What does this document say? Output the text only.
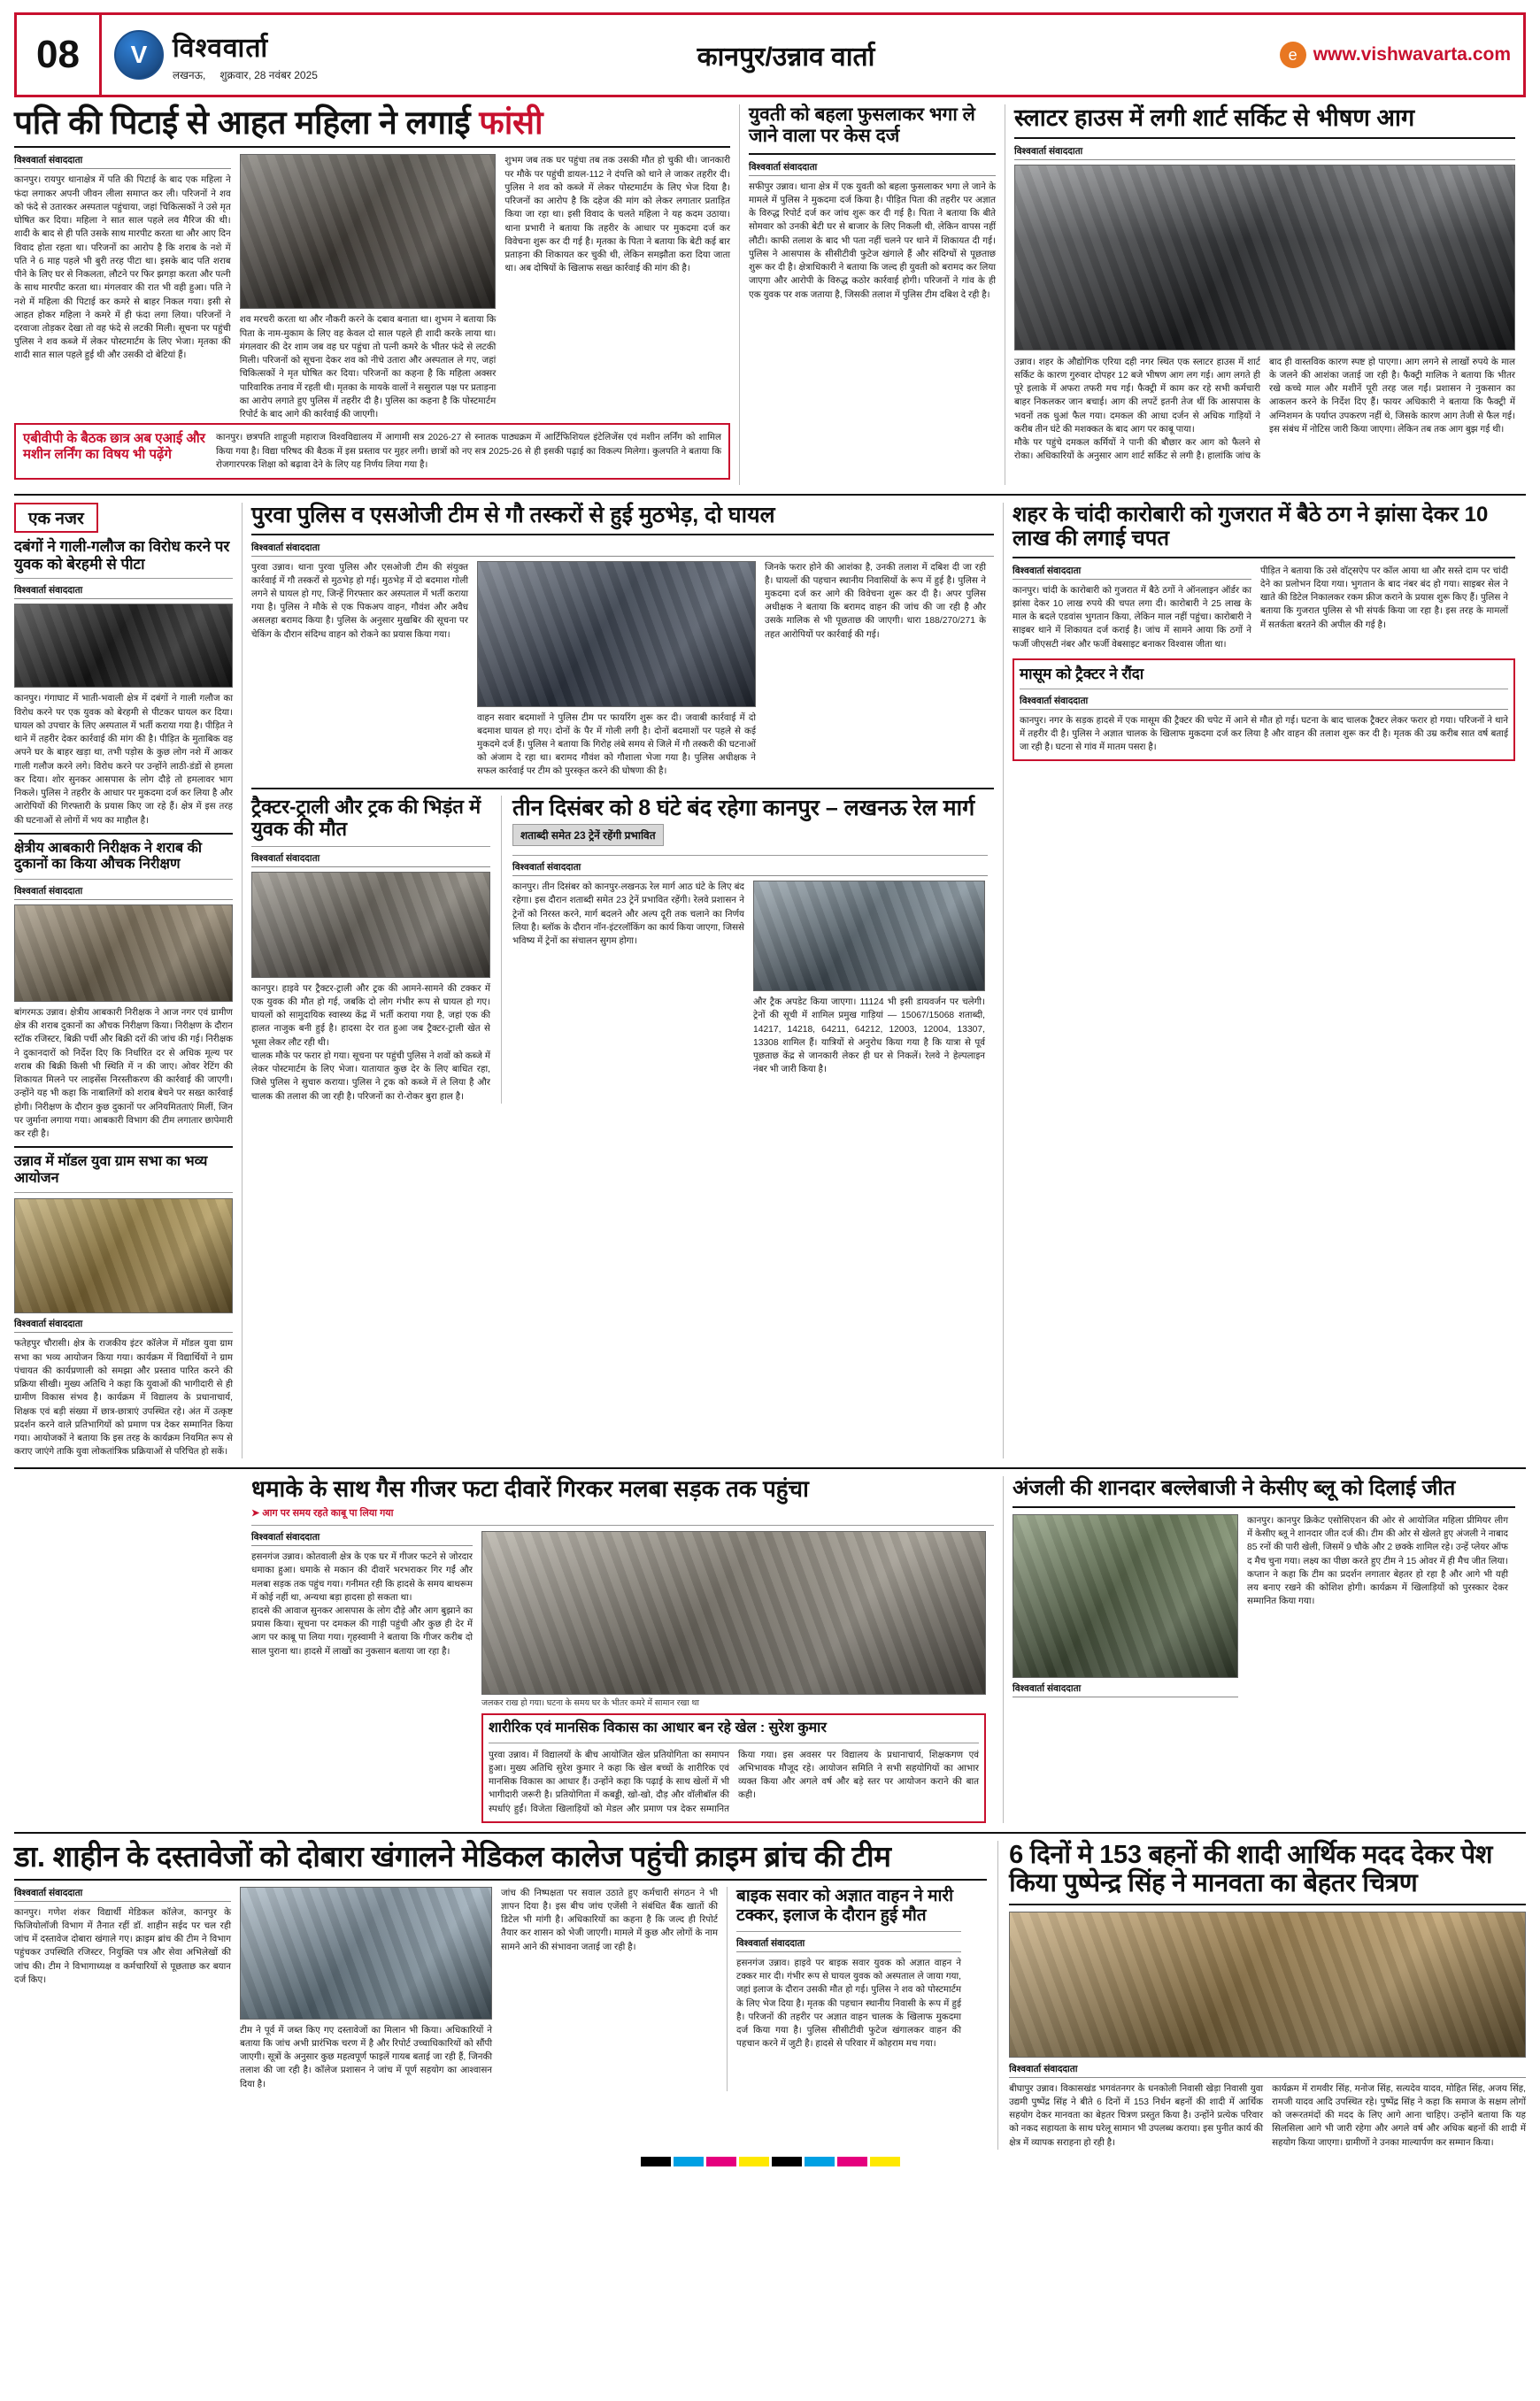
08	V विश्ववार्ता
लखनऊ, शुक्रवार, 28 नवंबर 2025
कानपुर/उन्नाव वार्ता	e www.vishwavarta.com
पति की पिटाई से आहत महिला ने लगाई फांसी
विश्ववार्ता संवाददाता
कानपुर। रायपुर थानाक्षेत्र में पति की पिटाई के बाद एक महिला ने फंदा लगाकर अपनी जीवन लीला समाप्त कर ली। परिजनों ने शव को फंदे से उतारकर अस्पताल पहुंचाया, जहां चिकित्सकों ने उसे मृत घोषित कर दिया। महिला ने सात साल पहले लव मैरिज की थी। शादी के बाद से ही पति उसके साथ मारपीट करता था और आए दिन विवाद होता रहता था। परिजनों का आरोप है कि शराब के नशे में पति ने 6 माह पहले भी बुरी तरह पीटा था। इसके बाद पति शराब पीने के लिए घर से निकलता, लौटने पर फिर झगड़ा करता और पत्नी के साथ मारपीट करता था। मंगलवार की रात भी वही हुआ। पति ने नशे में महिला की पिटाई कर कमरे से बाहर निकल गया। इसी से आहत होकर महिला ने कमरे में ही फंदा लगा लिया। परिजनों ने दरवाजा तोड़कर देखा तो वह फंदे से लटकी मिली। सूचना पर पहुंची पुलिस ने शव कब्जे में लेकर पोस्टमार्टम के लिए भेजा। मृतका की शादी सात साल पहले हुई थी और उसकी दो बेटियां हैं।
शव मरचरी करता था और नौकरी करने के दबाव बनाता था। शुभम ने बताया कि पिता के नाम-मुकाम के लिए वह केवल दो साल पहले ही शादी करके लाया था। मंगलवार की देर शाम जब वह घर पहुंचा तो पत्नी कमरे के भीतर फंदे से लटकी मिली। परिजनों को सूचना देकर शव को नीचे उतारा और अस्पताल ले गए, जहां चिकित्सकों ने मृत घोषित कर दिया। परिजनों का कहना है कि महिला अक्सर पारिवारिक तनाव में रहती थी। मृतका के मायके वालों ने ससुराल पक्ष पर प्रताड़ना का आरोप लगाते हुए पुलिस में तहरीर दी है। पुलिस का कहना है कि पोस्टमार्टम रिपोर्ट के बाद आगे की कार्रवाई की जाएगी।
शुभम जब तक घर पहुंचा तब तक उसकी मौत हो चुकी थी। जानकारी पर मौके पर पहुंची डायल-112 ने दंपत्ति को थाने ले जाकर तहरीर दी। पुलिस ने शव को कब्जे में लेकर पोस्टमार्टम के लिए भेज दिया है। परिजनों का आरोप है कि दहेज की मांग को लेकर लगातार प्रताड़ित किया जा रहा था। इसी विवाद के चलते महिला ने यह कदम उठाया। थाना प्रभारी ने बताया कि तहरीर के आधार पर मुकदमा दर्ज कर विवेचना शुरू कर दी गई है। मृतका के पिता ने बताया कि बेटी कई बार प्रताड़ना की शिकायत कर चुकी थी, लेकिन समझौता करा दिया जाता था। अब दोषियों के खिलाफ सख्त कार्रवाई की मांग की है।
एबीवीपी के बैठक छात्र अब एआई और मशीन लर्निंग का विषय भी पढ़ेंगे
कानपुर। छत्रपति शाहूजी महाराज विश्वविद्यालय में आगामी सत्र 2026-27 से स्नातक पाठ्यक्रम में आर्टिफिशियल इंटेलिजेंस एवं मशीन लर्निंग को शामिल किया गया है। विद्या परिषद की बैठक में इस प्रस्ताव पर मुहर लगी। छात्रों को नए सत्र 2025-26 से ही इसकी पढ़ाई का विकल्प मिलेगा। कुलपति ने बताया कि रोजगारपरक शिक्षा को बढ़ावा देने के लिए यह निर्णय लिया गया है।
युवती को बहला फुसलाकर भगा ले जाने वाला पर केस दर्ज
विश्ववार्ता संवाददाता
सफीपुर उन्नाव। थाना क्षेत्र में एक युवती को बहला फुसलाकर भगा ले जाने के मामले में पुलिस ने मुकदमा दर्ज किया है। पीड़ित पिता की तहरीर पर अज्ञात के विरुद्ध रिपोर्ट दर्ज कर जांच शुरू कर दी गई है। पिता ने बताया कि बीते सोमवार को उनकी बेटी घर से बाजार के लिए निकली थी, लेकिन वापस नहीं लौटी। काफी तलाश के बाद भी पता नहीं चलने पर थाने में शिकायत दी गई। पुलिस ने आसपास के सीसीटीवी फुटेज खंगाले हैं और संदिग्धों से पूछताछ शुरू कर दी है। क्षेत्राधिकारी ने बताया कि जल्द ही युवती को बरामद कर लिया जाएगा और आरोपी के विरुद्ध कठोर कार्रवाई होगी। परिजनों ने गांव के ही एक युवक पर शक जताया है, जिसकी तलाश में पुलिस टीम दबिश दे रही है।
स्लाटर हाउस में लगी शार्ट सर्किट से भीषण आग
विश्ववार्ता संवाददाता
उन्नाव। शहर के औद्योगिक एरिया दही नगर स्थित एक स्लाटर हाउस में शार्ट सर्किट के कारण गुरुवार दोपहर 12 बजे भीषण आग लग गई। आग लगते ही पूरे इलाके में अफरा तफरी मच गई। फैक्ट्री में काम कर रहे सभी कर्मचारी बाहर निकलकर जान बचाई। आग की लपटें इतनी तेज थीं कि आसपास के भवनों तक धुआं फैल गया। दमकल की आधा दर्जन से अधिक गाड़ियों ने करीब तीन घंटे की मशक्कत के बाद आग पर काबू पाया।
मौके पर पहुंचे दमकल कर्मियों ने पानी की बौछार कर आग को फैलने से रोका। अधिकारियों के अनुसार आग शार्ट सर्किट से लगी है। हालांकि जांच के बाद ही वास्तविक कारण स्पष्ट हो पाएगा। आग लगने से लाखों रुपये के माल के जलने की आशंका जताई जा रही है। फैक्ट्री मालिक ने बताया कि भीतर रखे कच्चे माल और मशीनें पूरी तरह जल गईं। प्रशासन ने नुकसान का आकलन करने के निर्देश दिए हैं। फायर अधिकारी ने बताया कि फैक्ट्री में अग्निशमन के पर्याप्त उपकरण नहीं थे, जिसके कारण आग तेजी से फैल गई। इस संबंध में नोटिस जारी किया जाएगा। लेकिन तब तक आग बुझ गई थी।
एक नजर
दबंगों ने गाली-गलौज का विरोध करने पर युवक को बेरहमी से पीटा
विश्ववार्ता संवाददाता
कानपुर। गंगाघाट में भाती-भवाली क्षेत्र में दबंगों ने गाली गलौज का विरोध करने पर एक युवक को बेरहमी से पीटकर घायल कर दिया। घायल को उपचार के लिए अस्पताल में भर्ती कराया गया है। पीड़ित ने थाने में तहरीर देकर कार्रवाई की मांग की है। पीड़ित के मुताबिक वह अपने घर के बाहर खड़ा था, तभी पड़ोस के कुछ लोग नशे में आकर गाली गलौज करने लगे। विरोध करने पर उन्होंने लाठी-डंडों से हमला कर दिया। शोर सुनकर आसपास के लोग दौड़े तो हमलावर भाग निकले। पुलिस ने तहरीर के आधार पर मुकदमा दर्ज कर लिया है और आरोपियों की गिरफ्तारी के प्रयास किए जा रहे हैं। क्षेत्र में इस तरह की घटनाओं से लोगों में भय का माहौल है।
क्षेत्रीय आबकारी निरीक्षक ने शराब की दुकानों का किया औचक निरीक्षण
विश्ववार्ता संवाददाता
बांगरमऊ उन्नाव। क्षेत्रीय आबकारी निरीक्षक ने आज नगर एवं ग्रामीण क्षेत्र की शराब दुकानों का औचक निरीक्षण किया। निरीक्षण के दौरान स्टॉक रजिस्टर, बिक्री पर्ची और बिक्री दरों की जांच की गई। निरीक्षक ने दुकानदारों को निर्देश दिए कि निर्धारित दर से अधिक मूल्य पर शराब की बिक्री किसी भी स्थिति में न की जाए। ओवर रेटिंग की शिकायत मिलने पर लाइसेंस निरस्तीकरण की कार्रवाई की जाएगी। उन्होंने यह भी कहा कि नाबालिगों को शराब बेचने पर सख्त कार्रवाई होगी। निरीक्षण के दौरान कुछ दुकानों पर अनियमितताएं मिलीं, जिन पर जुर्माना लगाया गया। आबकारी विभाग की टीम लगातार छापेमारी कर रही है।
उन्नाव में मॉडल युवा ग्राम सभा का भव्य आयोजन
विश्ववार्ता संवाददाता
फतेहपुर चौरासी। क्षेत्र के राजकीय इंटर कॉलेज में मॉडल युवा ग्राम सभा का भव्य आयोजन किया गया। कार्यक्रम में विद्यार्थियों ने ग्राम पंचायत की कार्यप्रणाली को समझा और प्रस्ताव पारित करने की प्रक्रिया सीखी। मुख्य अतिथि ने कहा कि युवाओं की भागीदारी से ही ग्रामीण विकास संभव है। कार्यक्रम में विद्यालय के प्रधानाचार्य, शिक्षक एवं बड़ी संख्या में छात्र-छात्राएं उपस्थित रहे। अंत में उत्कृष्ट प्रदर्शन करने वाले प्रतिभागियों को प्रमाण पत्र देकर सम्मानित किया गया। आयोजकों ने बताया कि इस तरह के कार्यक्रम नियमित रूप से कराए जाएंगे ताकि युवा लोकतांत्रिक प्रक्रियाओं से परिचित हो सकें।
पुरवा पुलिस व एसओजी टीम से गौ तस्करों से हुई मुठभेड़, दो घायल
विश्ववार्ता संवाददाता
पुरवा उन्नाव। थाना पुरवा पुलिस और एसओजी टीम की संयुक्त कार्रवाई में गौ तस्करों से मुठभेड़ हो गई। मुठभेड़ में दो बदमाश गोली लगने से घायल हो गए, जिन्हें गिरफ्तार कर अस्पताल में भर्ती कराया गया है। पुलिस ने मौके से एक पिकअप वाहन, गौवंश और अवैध असलहा बरामद किया है। पुलिस के अनुसार मुखबिर की सूचना पर चेकिंग के दौरान संदिग्ध वाहन को रोकने का प्रयास किया गया।
वाहन सवार बदमाशों ने पुलिस टीम पर फायरिंग शुरू कर दी। जवाबी कार्रवाई में दो बदमाश घायल हो गए। दोनों के पैर में गोली लगी है। दोनों बदमाशों पर पहले से कई मुकदमे दर्ज हैं। पुलिस ने बताया कि गिरोह लंबे समय से जिले में गौ तस्करी की घटनाओं को अंजाम दे रहा था। बरामद गौवंश को गौशाला भेजा गया है। पुलिस अधीक्षक ने सफल कार्रवाई पर टीम को पुरस्कृत करने की घोषणा की है।
जिनके फरार होने की आशंका है, उनकी तलाश में दबिश दी जा रही है। घायलों की पहचान स्थानीय निवासियों के रूप में हुई है। पुलिस ने मुकदमा दर्ज कर आगे की विवेचना शुरू कर दी है। अपर पुलिस अधीक्षक ने बताया कि बरामद वाहन की जांच की जा रही है और उसके मालिक से भी पूछताछ की जाएगी। धारा 188/270/271 के तहत आरोपियों पर कार्रवाई की गई।
ट्रैक्टर-ट्राली और ट्रक की भिड़ंत में युवक की मौत
विश्ववार्ता संवाददाता
कानपुर। हाइवे पर ट्रैक्टर-ट्राली और ट्रक की आमने-सामने की टक्कर में एक युवक की मौत हो गई, जबकि दो लोग गंभीर रूप से घायल हो गए। घायलों को सामुदायिक स्वास्थ्य केंद्र में भर्ती कराया गया है, जहां एक की हालत नाजुक बनी हुई है। हादसा देर रात हुआ जब ट्रैक्टर-ट्राली खेत से भूसा लेकर लौट रही थी।
चालक मौके पर फरार हो गया। सूचना पर पहुंची पुलिस ने शवों को कब्जे में लेकर पोस्टमार्टम के लिए भेजा। यातायात कुछ देर के लिए बाधित रहा, जिसे पुलिस ने सुचारु कराया। पुलिस ने ट्रक को कब्जे में ले लिया है और चालक की तलाश की जा रही है। परिजनों का रो-रोकर बुरा हाल है।
तीन दिसंबर को 8 घंटे बंद रहेगा कानपुर – लखनऊ रेल मार्ग
शताब्दी समेत 23 ट्रेनें रहेंगी प्रभावित
विश्ववार्ता संवाददाता
कानपुर। तीन दिसंबर को कानपुर-लखनऊ रेल मार्ग आठ घंटे के लिए बंद रहेगा। इस दौरान शताब्दी समेत 23 ट्रेनें प्रभावित रहेंगी। रेलवे प्रशासन ने ट्रेनों को निरस्त करने, मार्ग बदलने और अल्प दूरी तक चलाने का निर्णय लिया है। ब्लॉक के दौरान नॉन-इंटरलॉकिंग का कार्य किया जाएगा, जिससे भविष्य में ट्रेनों का संचालन सुगम होगा।
और ट्रैक अपडेट किया जाएगा। 11124 भी इसी डायवर्जन पर चलेगी। ट्रेनों की सूची में शामिल प्रमुख गाड़ियां — 15067/15068 शताब्दी, 14217, 14218, 64211, 64212, 12003, 12004, 13307, 13308 शामिल हैं। यात्रियों से अनुरोध किया गया है कि यात्रा से पूर्व पूछताछ केंद्र से जानकारी लेकर ही घर से निकलें। रेलवे ने हेल्पलाइन नंबर भी जारी किया है।
शहर के चांदी कारोबारी को गुजरात में बैठे ठग ने झांसा देकर 10 लाख की लगाई चपत
विश्ववार्ता संवाददाता
कानपुर। चांदी के कारोबारी को गुजरात में बैठे ठगों ने ऑनलाइन ऑर्डर का झांसा देकर 10 लाख रुपये की चपत लगा दी। कारोबारी ने 25 लाख के माल के बदले एडवांस भुगतान किया, लेकिन माल नहीं पहुंचा। कारोबारी ने साइबर थाने में शिकायत दर्ज कराई है। जांच में सामने आया कि ठगों ने फर्जी जीएसटी नंबर और फर्जी वेबसाइट बनाकर विश्वास जीता था।
पीड़ित ने बताया कि उसे वॉट्सऐप पर कॉल आया था और सस्ते दाम पर चांदी देने का प्रलोभन दिया गया। भुगतान के बाद नंबर बंद हो गया। साइबर सेल ने खाते की डिटेल निकालकर रकम फ्रीज कराने के प्रयास शुरू किए हैं। पुलिस ने बताया कि गुजरात पुलिस से भी संपर्क किया जा रहा है। इस तरह के मामलों में सतर्कता बरतने की अपील की गई है।
मासूम को ट्रैक्टर ने रौंदा
विश्ववार्ता संवाददाता
कानपुर। नगर के सड़क हादसे में एक मासूम की ट्रैक्टर की चपेट में आने से मौत हो गई। घटना के बाद चालक ट्रैक्टर लेकर फरार हो गया। परिजनों ने थाने में तहरीर दी है। पुलिस ने अज्ञात चालक के खिलाफ मुकदमा दर्ज कर लिया है और वाहन की तलाश शुरू कर दी है। मृतक की उम्र करीब सात वर्ष बताई जा रही है। घटना से गांव में मातम पसरा है।
धमाके के साथ गैस गीजर फटा दीवारें गिरकर मलबा सड़क तक पहुंचा
➤ आग पर समय रहते काबू पा लिया गया
विश्ववार्ता संवाददाता
हसनगंज उन्नाव। कोतवाली क्षेत्र के एक घर में गीजर फटने से जोरदार धमाका हुआ। धमाके से मकान की दीवारें भरभराकर गिर गईं और मलबा सड़क तक पहुंच गया। गनीमत रही कि हादसे के समय बाथरूम में कोई नहीं था, अन्यथा बड़ा हादसा हो सकता था।
हादसे की आवाज सुनकर आसपास के लोग दौड़े और आग बुझाने का प्रयास किया। सूचना पर दमकल की गाड़ी पहुंची और कुछ ही देर में आग पर काबू पा लिया गया। गृहस्वामी ने बताया कि गीजर करीब दो साल पुराना था। हादसे में लाखों का नुकसान बताया जा रहा है।
जलकर राख हो गया। घटना के समय घर के भीतर कमरे में सामान रखा था
शारीरिक एवं मानसिक विकास का आधार बन रहे खेल : सुरेश कुमार
पुरवा उन्नाव। में विद्यालयों के बीच आयोजित खेल प्रतियोगिता का समापन हुआ। मुख्य अतिथि सुरेश कुमार ने कहा कि खेल बच्चों के शारीरिक एवं मानसिक विकास का आधार हैं। उन्होंने कहा कि पढ़ाई के साथ खेलों में भी भागीदारी जरूरी है। प्रतियोगिता में कबड्डी, खो-खो, दौड़ और वॉलीबॉल की स्पर्धाएं हुईं। विजेता खिलाड़ियों को मेडल और प्रमाण पत्र देकर सम्मानित किया गया। इस अवसर पर विद्यालय के प्रधानाचार्य, शिक्षकगण एवं अभिभावक मौजूद रहे। आयोजन समिति ने सभी सहयोगियों का आभार व्यक्त किया और अगले वर्ष और बड़े स्तर पर आयोजन कराने की बात कही।
अंजली की शानदार बल्लेबाजी ने केसीए ब्लू को दिलाई जीत
विश्ववार्ता संवाददाता
कानपुर। कानपुर क्रिकेट एसोसिएशन की ओर से आयोजित महिला प्रीमियर लीग में केसीए ब्लू ने शानदार जीत दर्ज की। टीम की ओर से खेलते हुए अंजली ने नाबाद 85 रनों की पारी खेली, जिसमें 9 चौके और 2 छक्के शामिल रहे। उन्हें प्लेयर ऑफ द मैच चुना गया। लक्ष्य का पीछा करते हुए टीम ने 15 ओवर में ही मैच जीत लिया। कप्तान ने कहा कि टीम का प्रदर्शन लगातार बेहतर हो रहा है और आगे भी यही लय बनाए रखने की कोशिश होगी। कार्यक्रम में खिलाड़ियों को पुरस्कार देकर सम्मानित किया गया।
डा. शाहीन के दस्तावेजों को दोबारा खंगालने मेडिकल कालेज पहुंची क्राइम ब्रांच की टीम
विश्ववार्ता संवाददाता
कानपुर। गणेश शंकर विद्यार्थी मेडिकल कॉलेज, कानपुर के फिजियोलॉजी विभाग में तैनात रहीं डॉ. शाहीन सईद पर चल रही जांच में दस्तावेज दोबारा खंगाले गए। क्राइम ब्रांच की टीम ने विभाग पहुंचकर उपस्थिति रजिस्टर, नियुक्ति पत्र और सेवा अभिलेखों की जांच की। टीम ने विभागाध्यक्ष व कर्मचारियों से पूछताछ कर बयान दर्ज किए।
टीम ने पूर्व में जब्त किए गए दस्तावेजों का मिलान भी किया। अधिकारियों ने बताया कि जांच अभी प्रारंभिक चरण में है और रिपोर्ट उच्चाधिकारियों को सौंपी जाएगी। सूत्रों के अनुसार कुछ महत्वपूर्ण फाइलें गायब बताई जा रही हैं, जिनकी तलाश की जा रही है। कॉलेज प्रशासन ने जांच में पूर्ण सहयोग का आश्वासन दिया है।
जांच की निष्पक्षता पर सवाल उठाते हुए कर्मचारी संगठन ने भी ज्ञापन दिया है। इस बीच जांच एजेंसी ने संबंधित बैंक खातों की डिटेल भी मांगी है। अधिकारियों का कहना है कि जल्द ही रिपोर्ट तैयार कर शासन को भेजी जाएगी। मामले में कुछ और लोगों के नाम सामने आने की संभावना जताई जा रही है।
बाइक सवार को अज्ञात वाहन ने मारी टक्कर, इलाज के दौरान हुई मौत
विश्ववार्ता संवाददाता
हसनगंज उन्नाव। हाइवे पर बाइक सवार युवक को अज्ञात वाहन ने टक्कर मार दी। गंभीर रूप से घायल युवक को अस्पताल ले जाया गया, जहां इलाज के दौरान उसकी मौत हो गई। पुलिस ने शव को पोस्टमार्टम के लिए भेज दिया है। मृतक की पहचान स्थानीय निवासी के रूप में हुई है। परिजनों की तहरीर पर अज्ञात वाहन चालक के खिलाफ मुकदमा दर्ज किया गया है। पुलिस सीसीटीवी फुटेज खंगालकर वाहन की पहचान करने में जुटी है। हादसे से परिवार में कोहराम मच गया।
6 दिनों मे 153 बहनों की शादी आर्थिक मदद देकर पेश किया पुष्पेन्द्र सिंह ने मानवता का बेहतर चित्रण
विश्ववार्ता संवाददाता
बीघापुर उन्नाव। विकासखंड भगवंतनगर के धनकोली निवासी खेड़ा निवासी युवा उद्यमी पुष्पेंद्र सिंह ने बीते 6 दिनों में 153 निर्धन बहनों की शादी में आर्थिक सहयोग देकर मानवता का बेहतर चित्रण प्रस्तुत किया है। उन्होंने प्रत्येक परिवार को नकद सहायता के साथ घरेलू सामान भी उपलब्ध कराया। इस पुनीत कार्य की क्षेत्र में व्यापक सराहना हो रही है।
कार्यक्रम में रामवीर सिंह, मनोज सिंह, सत्यदेव यादव, मोहित सिंह, अजय सिंह, रामजी यादव आदि उपस्थित रहे। पुष्पेंद्र सिंह ने कहा कि समाज के सक्षम लोगों को जरूरतमंदों की मदद के लिए आगे आना चाहिए। उन्होंने बताया कि यह सिलसिला आगे भी जारी रहेगा और अगले वर्ष और अधिक बहनों की शादी में सहयोग किया जाएगा। ग्रामीणों ने उनका माल्यार्पण कर सम्मान किया।
